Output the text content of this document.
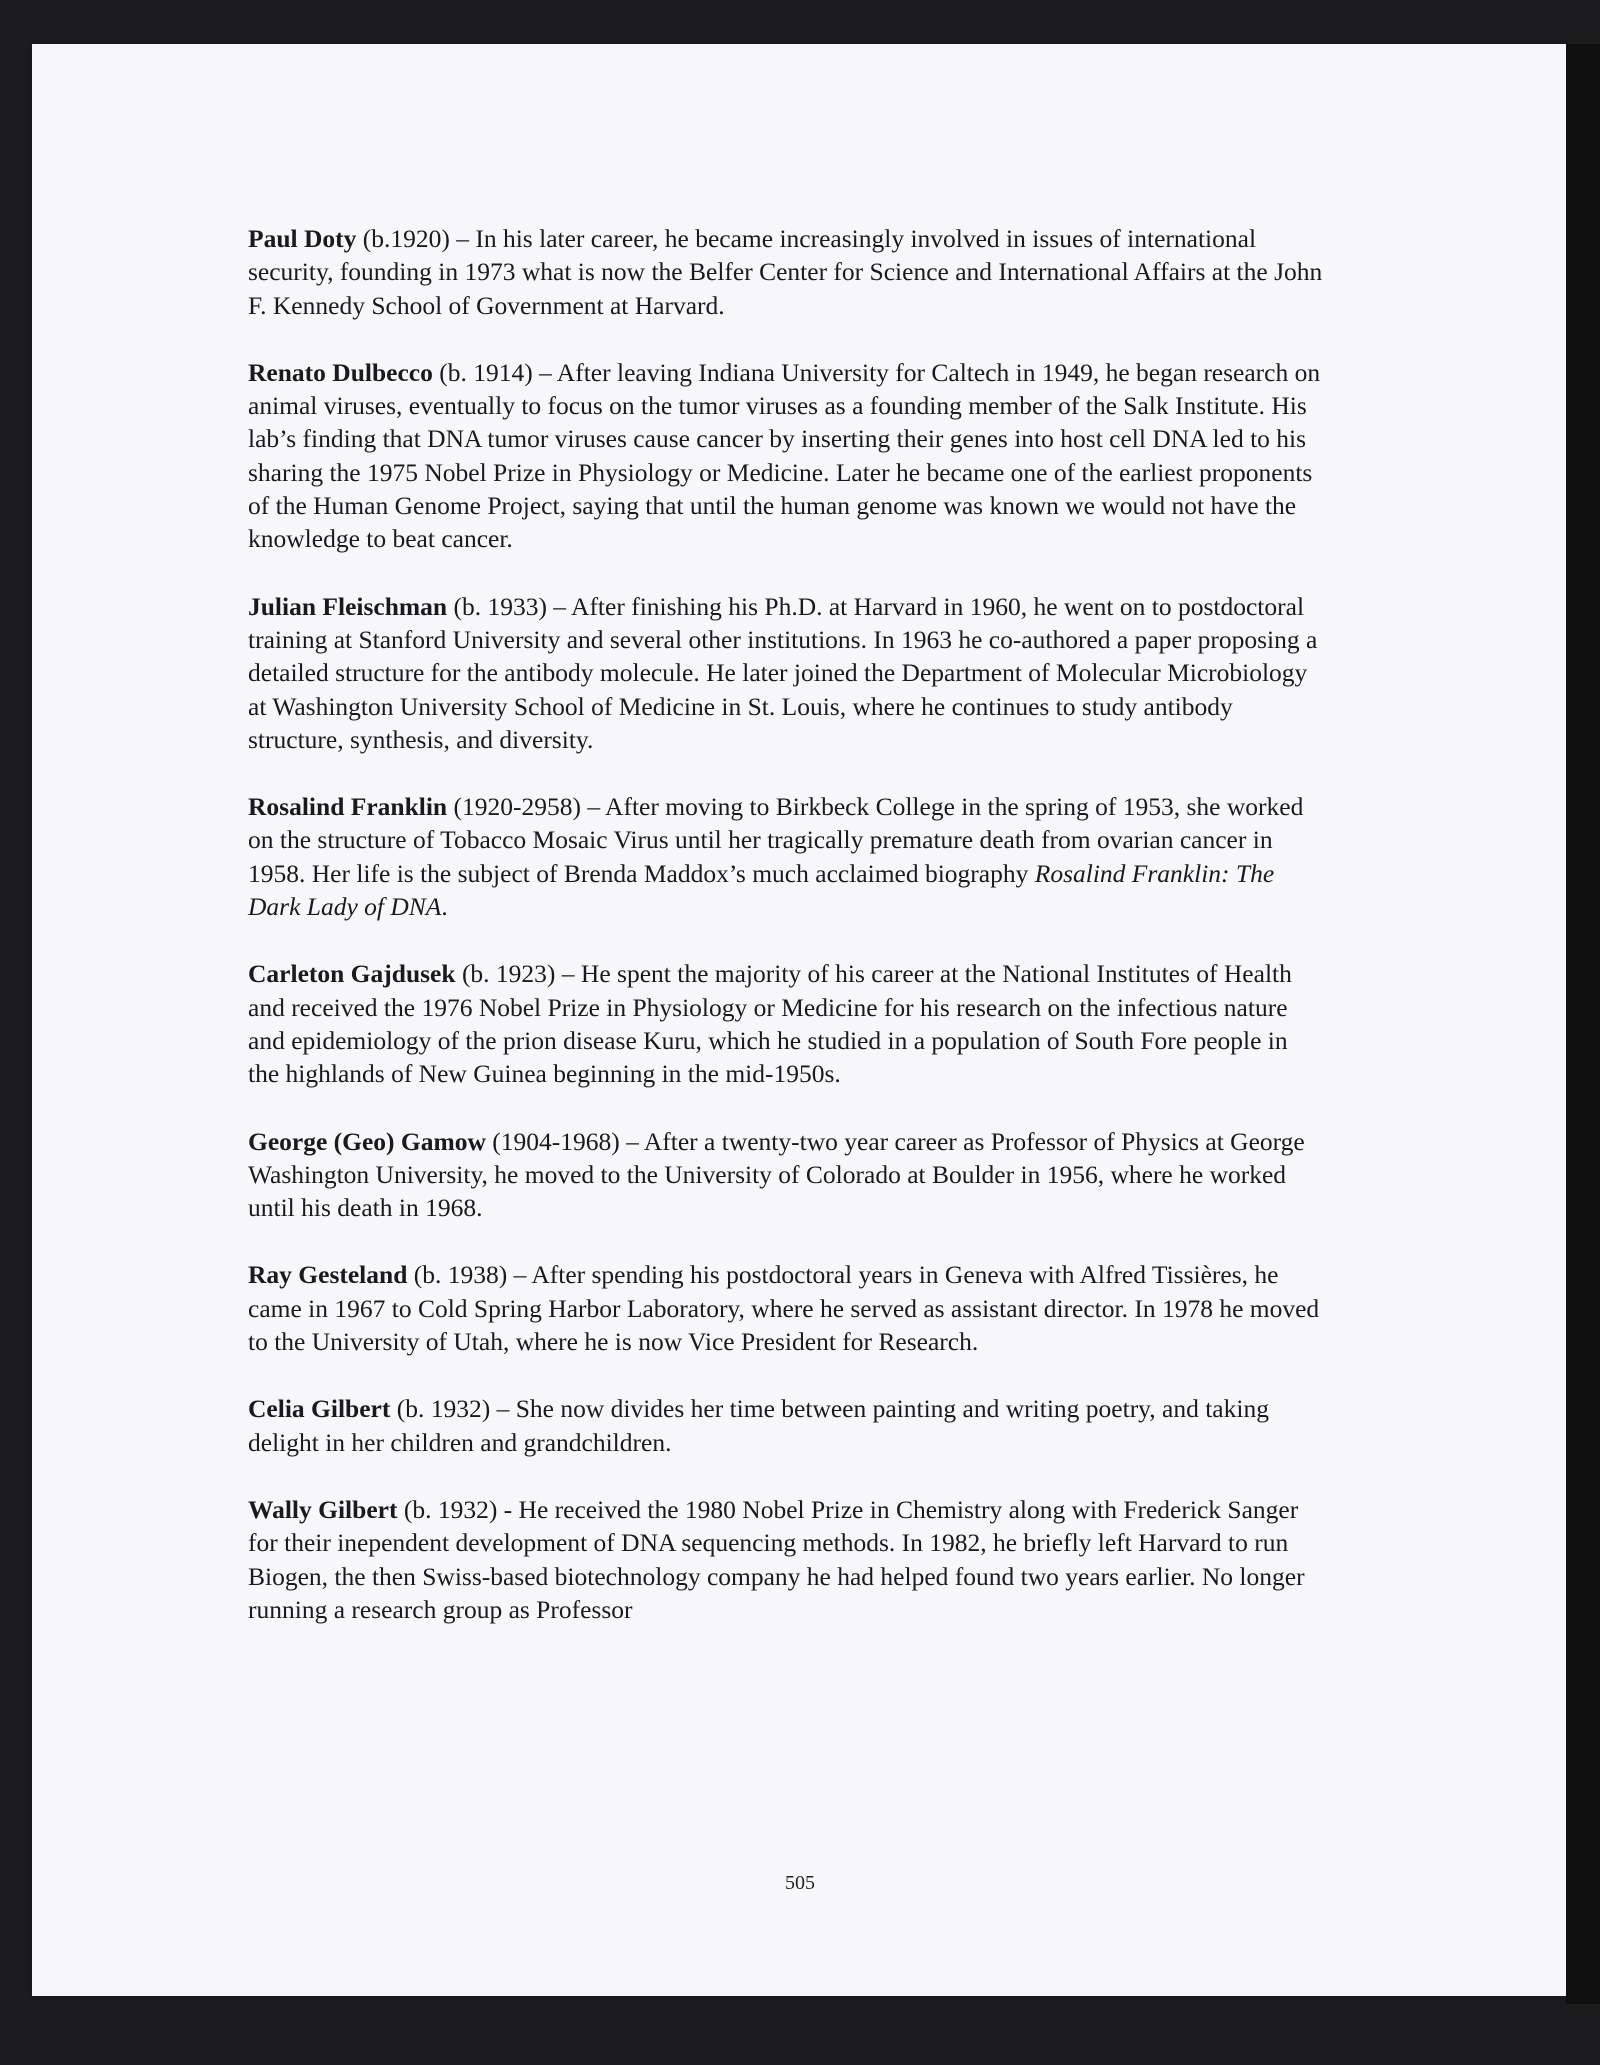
Paul Doty (b.1920) – In his later career, he became increasingly involved in issues of international security, founding in 1973 what is now the Belfer Center for Science and International Affairs at the John F. Kennedy School of Government at Harvard.

Renato Dulbecco (b. 1914) – After leaving Indiana University for Caltech in 1949, he began research on animal viruses, eventually to focus on the tumor viruses as a founding member of the Salk Institute. His lab’s finding that DNA tumor viruses cause cancer by inserting their genes into host cell DNA led to his sharing the 1975 Nobel Prize in Physiology or Medicine. Later he became one of the earliest proponents of the Human Genome Project, saying that until the human genome was known we would not have the knowledge to beat cancer.

Julian Fleischman (b. 1933) – After finishing his Ph.D. at Harvard in 1960, he went on to postdoctoral training at Stanford University and several other institutions. In 1963 he co-authored a paper proposing a detailed structure for the antibody molecule. He later joined the Department of Molecular Microbiology at Washington University School of Medicine in St. Louis, where he continues to study antibody structure, synthesis, and diversity.

Rosalind Franklin (1920-2958) – After moving to Birkbeck College in the spring of 1953, she worked on the structure of Tobacco Mosaic Virus until her tragically premature death from ovarian cancer in 1958. Her life is the subject of Brenda Maddox’s much acclaimed biography Rosalind Franklin: The Dark Lady of DNA.

Carleton Gajdusek (b. 1923) – He spent the majority of his career at the National Institutes of Health and received the 1976 Nobel Prize in Physiology or Medicine for his research on the infectious nature and epidemiology of the prion disease Kuru, which he studied in a population of South Fore people in the highlands of New Guinea beginning in the mid-1950s.

George (Geo) Gamow (1904-1968) – After a twenty-two year career as Professor of Physics at George Washington University, he moved to the University of Colorado at Boulder in 1956, where he worked until his death in 1968.

Ray Gesteland (b. 1938) – After spending his postdoctoral years in Geneva with Alfred Tissières, he came in 1967 to Cold Spring Harbor Laboratory, where he served as assistant director. In 1978 he moved to the University of Utah, where he is now Vice President for Research.

Celia Gilbert (b. 1932) – She now divides her time between painting and writing poetry, and taking delight in her children and grandchildren.

Wally Gilbert (b. 1932) - He received the 1980 Nobel Prize in Chemistry along with Frederick Sanger for their inependent development of DNA sequencing methods. In 1982, he briefly left Harvard to run Biogen, the then Swiss-based biotechnology company he had helped found two years earlier. No longer running a research group as Professor

505
